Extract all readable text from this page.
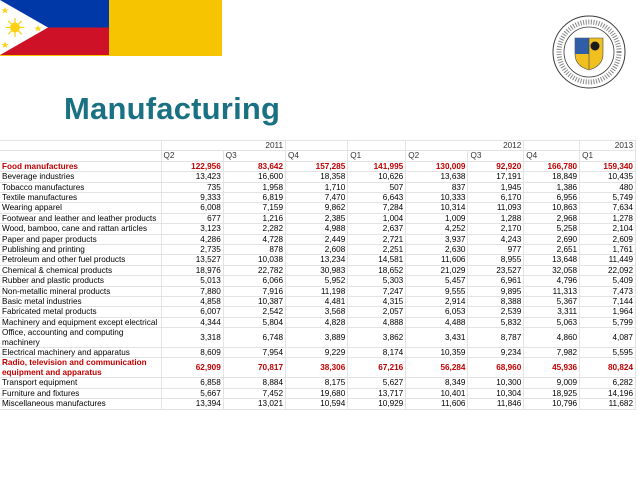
Manufacturing
	2011				2012			2013
	Q2	Q3	Q4	Q1	Q2	Q3	Q4	Q1
Food manufactures	122,956	83,642	157,285	141,995	130,009	92,920	166,780	159,340
Beverage industries	13,423	16,600	18,358	10,626	13,638	17,191	18,849	10,435
Tobacco manufactures	735	1,958	1,710	507	837	1,945	1,386	480
Textile manufactures	9,333	6,819	7,470	6,643	10,333	6,170	6,956	5,749
Wearing apparel	6,008	7,159	9,862	7,284	10,314	11,093	10,863	7,634
Footwear and leather and leather products	677	1,216	2,385	1,004	1,009	1,288	2,968	1,278
Wood, bamboo, cane and rattan articles	3,123	2,282	4,988	2,637	4,252	2,170	5,258	2,104
Paper and paper products	4,286	4,728	2,449	2,721	3,937	4,243	2,690	2,609
Publishing and printing	2,735	878	2,608	2,251	2,630	977	2,651	1,761
Petroleum and other fuel products	13,527	10,038	13,234	14,581	11,606	8,955	13,648	11,449
Chemical & chemical products	18,976	22,782	30,983	18,652	21,029	23,527	32,058	22,092
Rubber and plastic products	5,013	6,066	5,952	5,303	5,457	6,961	4,796	5,409
Non-metallic mineral products	7,880	7,916	11,198	7,247	9,555	9,895	11,313	7,473
Basic metal industries	4,858	10,387	4,481	4,315	2,914	8,388	5,367	7,144
Fabricated metal products	6,007	2,542	3,568	2,057	6,053	2,539	3,311	1,964
Machinery and equipment except electrical	4,344	5,804	4,828	4,888	4,488	5,832	5,063	5,799
Office, accounting and computing machinery	3,318	6,748	3,889	3,862	3,431	8,787	4,860	4,087
Electrical machinery and apparatus	8,609	7,954	9,229	8,174	10,359	9,234	7,982	5,595
Radio, television and communication equipment and apparatus	62,909	70,817	38,306	67,216	56,284	68,960	45,936	80,824
Transport equipment	6,858	8,884	8,175	5,627	8,349	10,300	9,009	6,282
Furniture and fixtures	5,667	7,452	19,680	13,717	10,401	10,304	18,925	14,196
Miscellaneous manufactures	13,394	13,021	10,594	10,929	11,606	11,846	10,796	11,682
